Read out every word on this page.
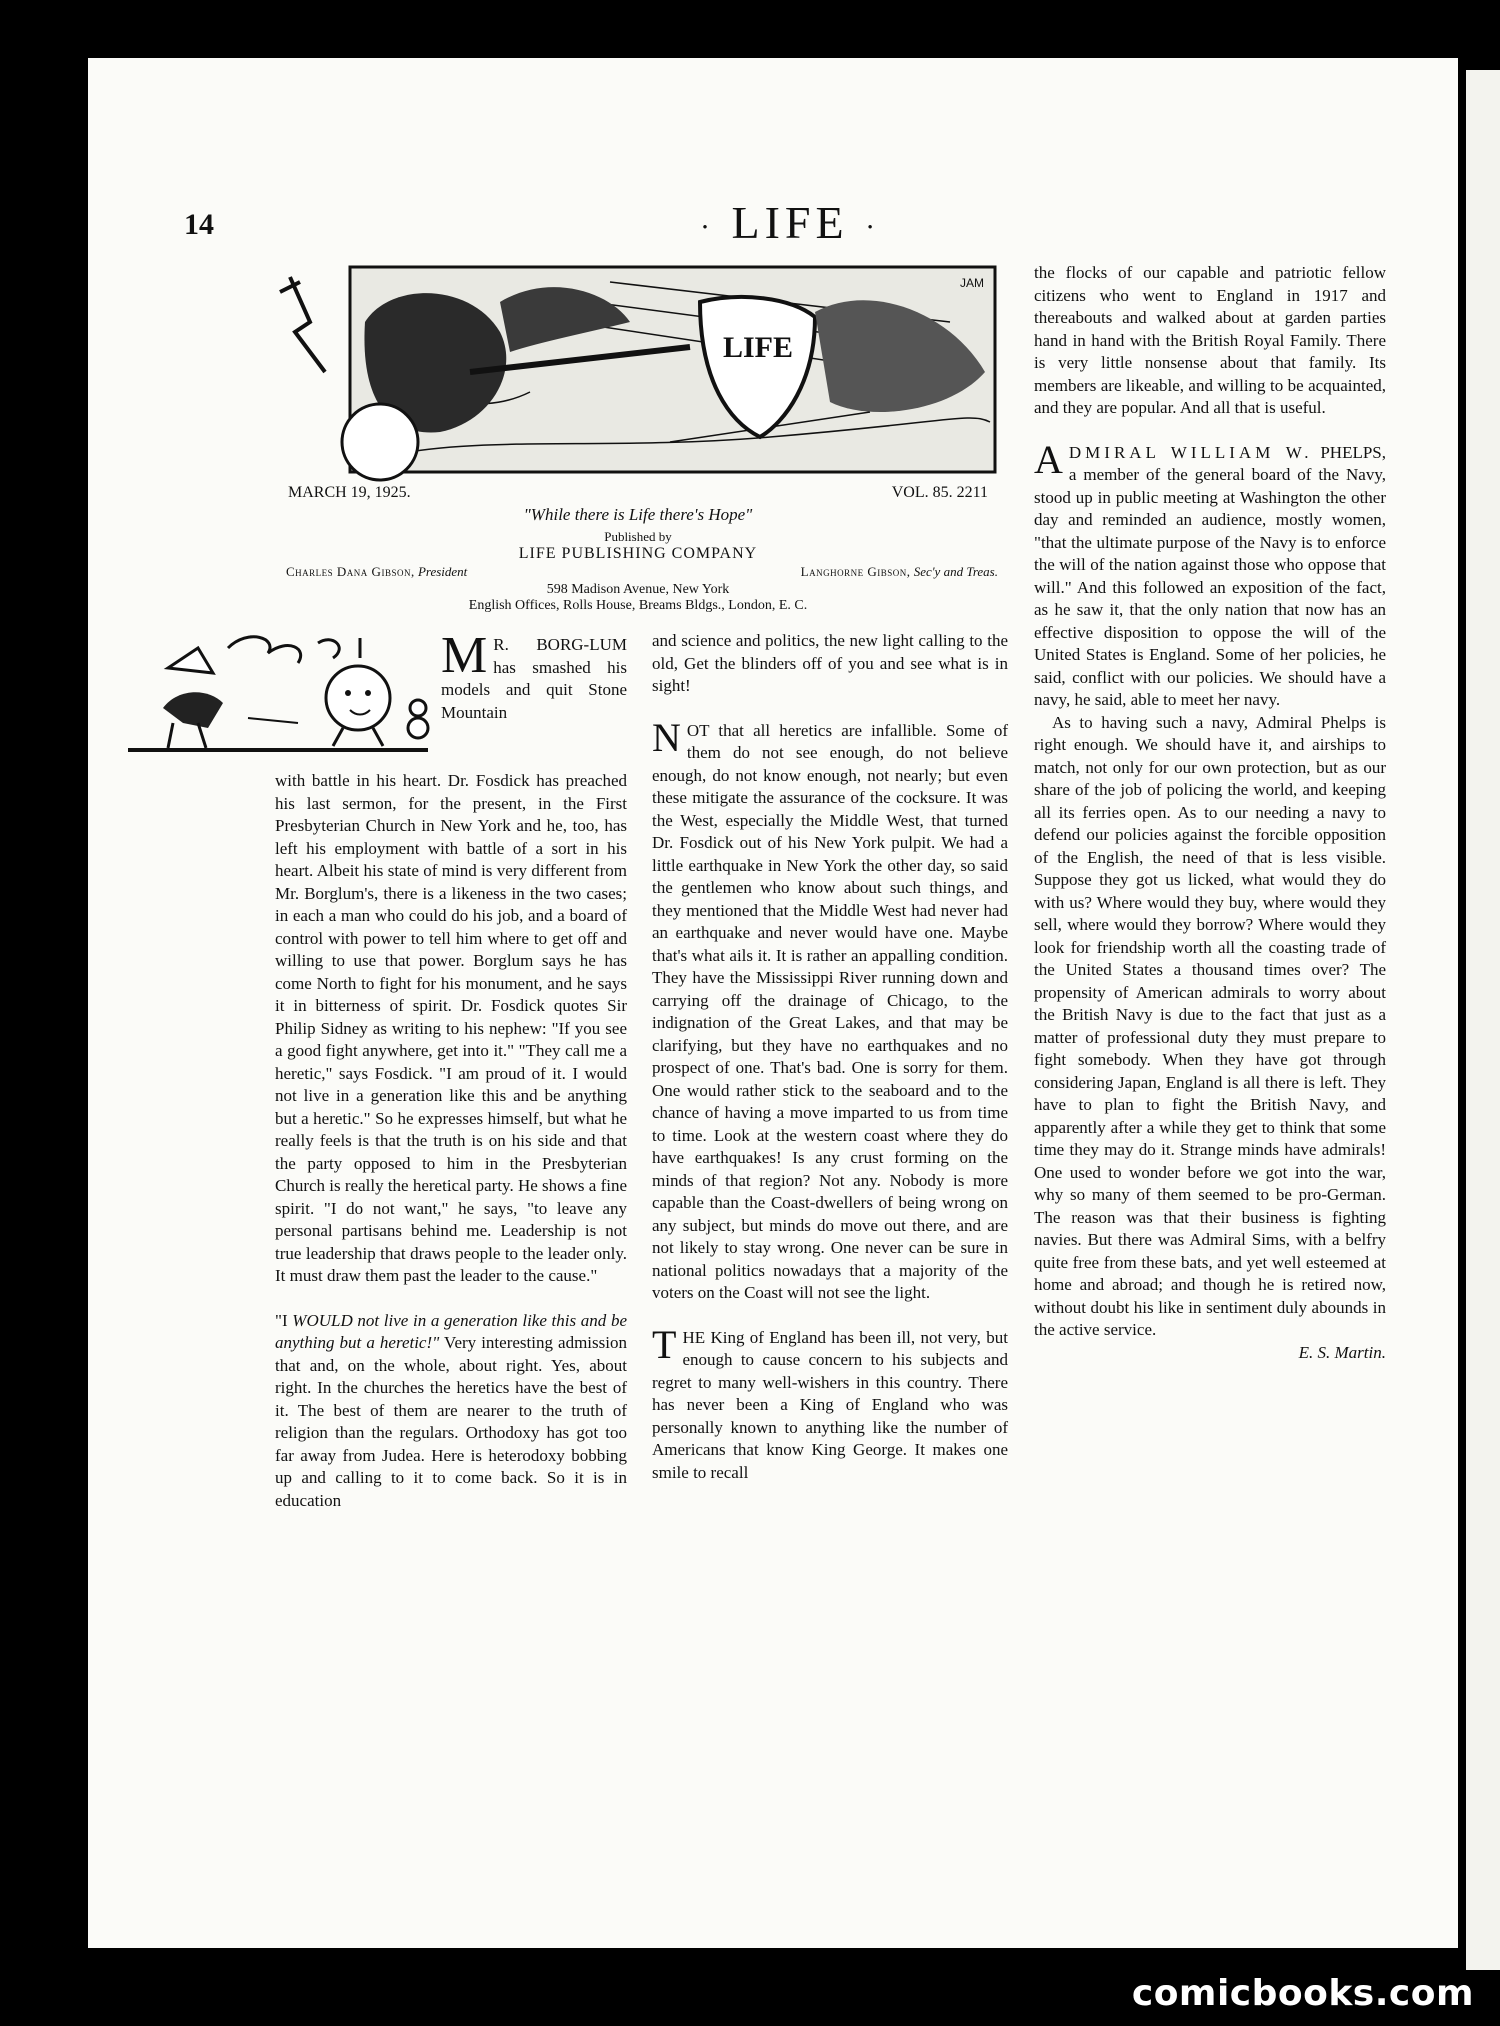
14	· LIFE ·
LIFE
JAM
MARCH 19, 1925.	VOL. 85. 2211
"While there is Life there's Hope"
Published by
LIFE PUBLISHING COMPANY
Charles Dana Gibson, President	Langhorne Gibson, Sec'y and Treas.
598 Madison Avenue, New York
English Offices, Rolls House, Breams Bldgs., London, E. C.
M R. BORG-LUM has smashed his models and quit Stone Mountain

with battle in his heart. Dr. Fosdick has preached his last sermon, for the present, in the First Presbyterian Church in New York and he, too, has left his employment with battle of a sort in his heart. Albeit his state of mind is very different from Mr. Borglum's, there is a likeness in the two cases; in each a man who could do his job, and a board of control with power to tell him where to get off and willing to use that power. Borglum says he has come North to fight for his monument, and he says it in bitterness of spirit. Dr. Fosdick quotes Sir Philip Sidney as writing to his nephew: "If you see a good fight anywhere, get into it." "They call me a heretic," says Fosdick. "I am proud of it. I would not live in a generation like this and be anything but a heretic." So he expresses himself, but what he really feels is that the truth is on his side and that the party opposed to him in the Presbyterian Church is really the heretical party. He shows a fine spirit. "I do not want," he says, "to leave any personal partisans behind me. Leadership is not true leadership that draws people to the leader only. It must draw them past the leader to the cause."

"I WOULD not live in a generation like this and be anything but a heretic!" Very interesting admission that and, on the whole, about right. Yes, about right. In the churches the heretics have the best of it. The best of them are nearer to the truth of religion than the regulars. Orthodoxy has got too far away from Judea. Here is heterodoxy bobbing up and calling to it to come back. So it is in education

and science and politics, the new light calling to the old, Get the blinders off of you and see what is in sight!

NOT that all heretics are infallible. Some of them do not see enough, do not believe enough, do not know enough, not nearly; but even these mitigate the assurance of the cocksure. It was the West, especially the Middle West, that turned Dr. Fosdick out of his New York pulpit. We had a little earthquake in New York the other day, so said the gentlemen who know about such things, and they mentioned that the Middle West had never had an earthquake and never would have one. Maybe that's what ails it. It is rather an appalling condition. They have the Mississippi River running down and carrying off the drainage of Chicago, to the indignation of the Great Lakes, and that may be clarifying, but they have no earthquakes and no prospect of one. That's bad. One is sorry for them. One would rather stick to the seaboard and to the chance of having a move imparted to us from time to time. Look at the western coast where they do have earthquakes! Is any crust forming on the minds of that region? Not any. Nobody is more capable than the Coast-dwellers of being wrong on any subject, but minds do move out there, and are not likely to stay wrong. One never can be sure in national politics nowadays that a majority of the voters on the Coast will not see the light.

THE King of England has been ill, not very, but enough to cause concern to his subjects and regret to many well-wishers in this country. There has never been a King of England who was personally known to anything like the number of Americans that know King George. It makes one smile to recall

the flocks of our capable and patriotic fellow citizens who went to England in 1917 and thereabouts and walked about at garden parties hand in hand with the British Royal Family. There is very little nonsense about that family. Its members are likeable, and willing to be acquainted, and they are popular. And all that is useful.

ADMIRAL WILLIAM W. PHELPS, a member of the general board of the Navy, stood up in public meeting at Washington the other day and reminded an audience, mostly women, "that the ultimate purpose of the Navy is to enforce the will of the nation against those who oppose that will." And this followed an exposition of the fact, as he saw it, that the only nation that now has an effective disposition to oppose the will of the United States is England. Some of her policies, he said, conflict with our policies. We should have a navy, he said, able to meet her navy.

As to having such a navy, Admiral Phelps is right enough. We should have it, and airships to match, not only for our own protection, but as our share of the job of policing the world, and keeping all its ferries open. As to our needing a navy to defend our policies against the forcible opposition of the English, the need of that is less visible. Suppose they got us licked, what would they do with us? Where would they buy, where would they sell, where would they borrow? Where would they look for friendship worth all the coasting trade of the United States a thousand times over? The propensity of American admirals to worry about the British Navy is due to the fact that just as a matter of professional duty they must prepare to fight somebody. When they have got through considering Japan, England is all there is left. They have to plan to fight the British Navy, and apparently after a while they get to think that some time they may do it. Strange minds have admirals! One used to wonder before we got into the war, why so many of them seemed to be pro-German. The reason was that their business is fighting navies. But there was Admiral Sims, with a belfry quite free from these bats, and yet well esteemed at home and abroad; and though he is retired now, without doubt his like in sentiment duly abounds in the active service.

E. S. Martin.
comicbooks.com
